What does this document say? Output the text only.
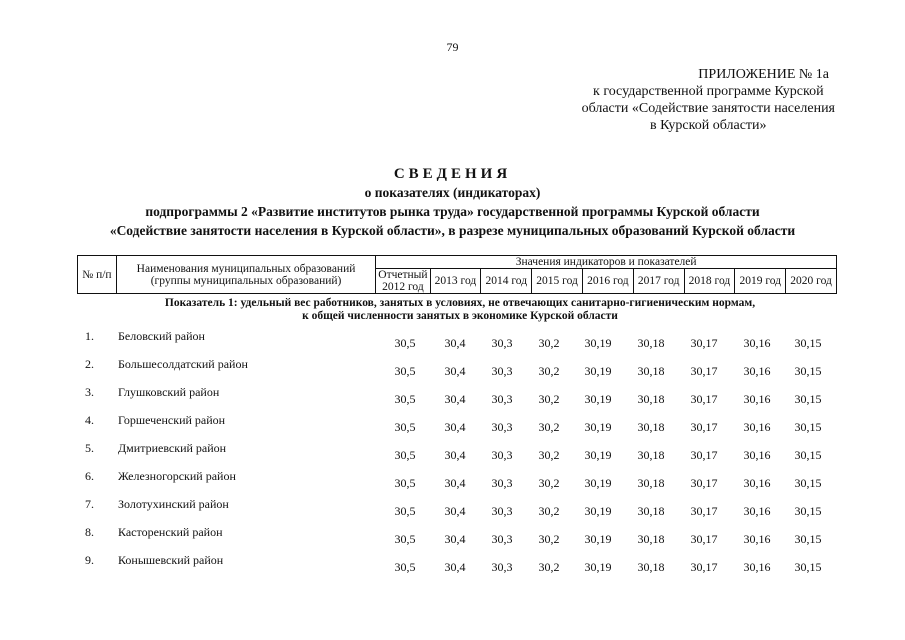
79
ПРИЛОЖЕНИЕ № 1а
к государственной программе Курской
области «Содействие занятости населения
в Курской области»
СВЕДЕНИЯ
о показателях (индикаторах)
подпрограммы 2 «Развитие институтов рынка труда» государственной программы Курской области
«Содействие занятости населения в Курской области», в разрезе муниципальных образований Курской области
№ п/п	Наименования муниципальных образований (группы муниципальных образований)	Значения индикаторов и показателей								
		Отчетный 2012 год	2013 год	2014 год	2015 год	2016 год	2017 год	2018 год	2019 год	2020 год
Показатель 1: удельный вес работников, занятых в условиях, не отвечающих санитарно-гигиеническим нормам,
к общей численности занятых в экономике Курской области
1.	Беловский район	30,5	30,4	30,3	30,2	30,19	30,18	30,17	30,16	30,15
2.	Большесолдатский район	30,5	30,4	30,3	30,2	30,19	30,18	30,17	30,16	30,15
3.	Глушковский район	30,5	30,4	30,3	30,2	30,19	30,18	30,17	30,16	30,15
4.	Горшеченский район	30,5	30,4	30,3	30,2	30,19	30,18	30,17	30,16	30,15
5.	Дмитриевский район	30,5	30,4	30,3	30,2	30,19	30,18	30,17	30,16	30,15
6.	Железногорский район	30,5	30,4	30,3	30,2	30,19	30,18	30,17	30,16	30,15
7.	Золотухинский район	30,5	30,4	30,3	30,2	30,19	30,18	30,17	30,16	30,15
8.	Касторенский район	30,5	30,4	30,3	30,2	30,19	30,18	30,17	30,16	30,15
9.	Конышевский район	30,5	30,4	30,3	30,2	30,19	30,18	30,17	30,16	30,15
